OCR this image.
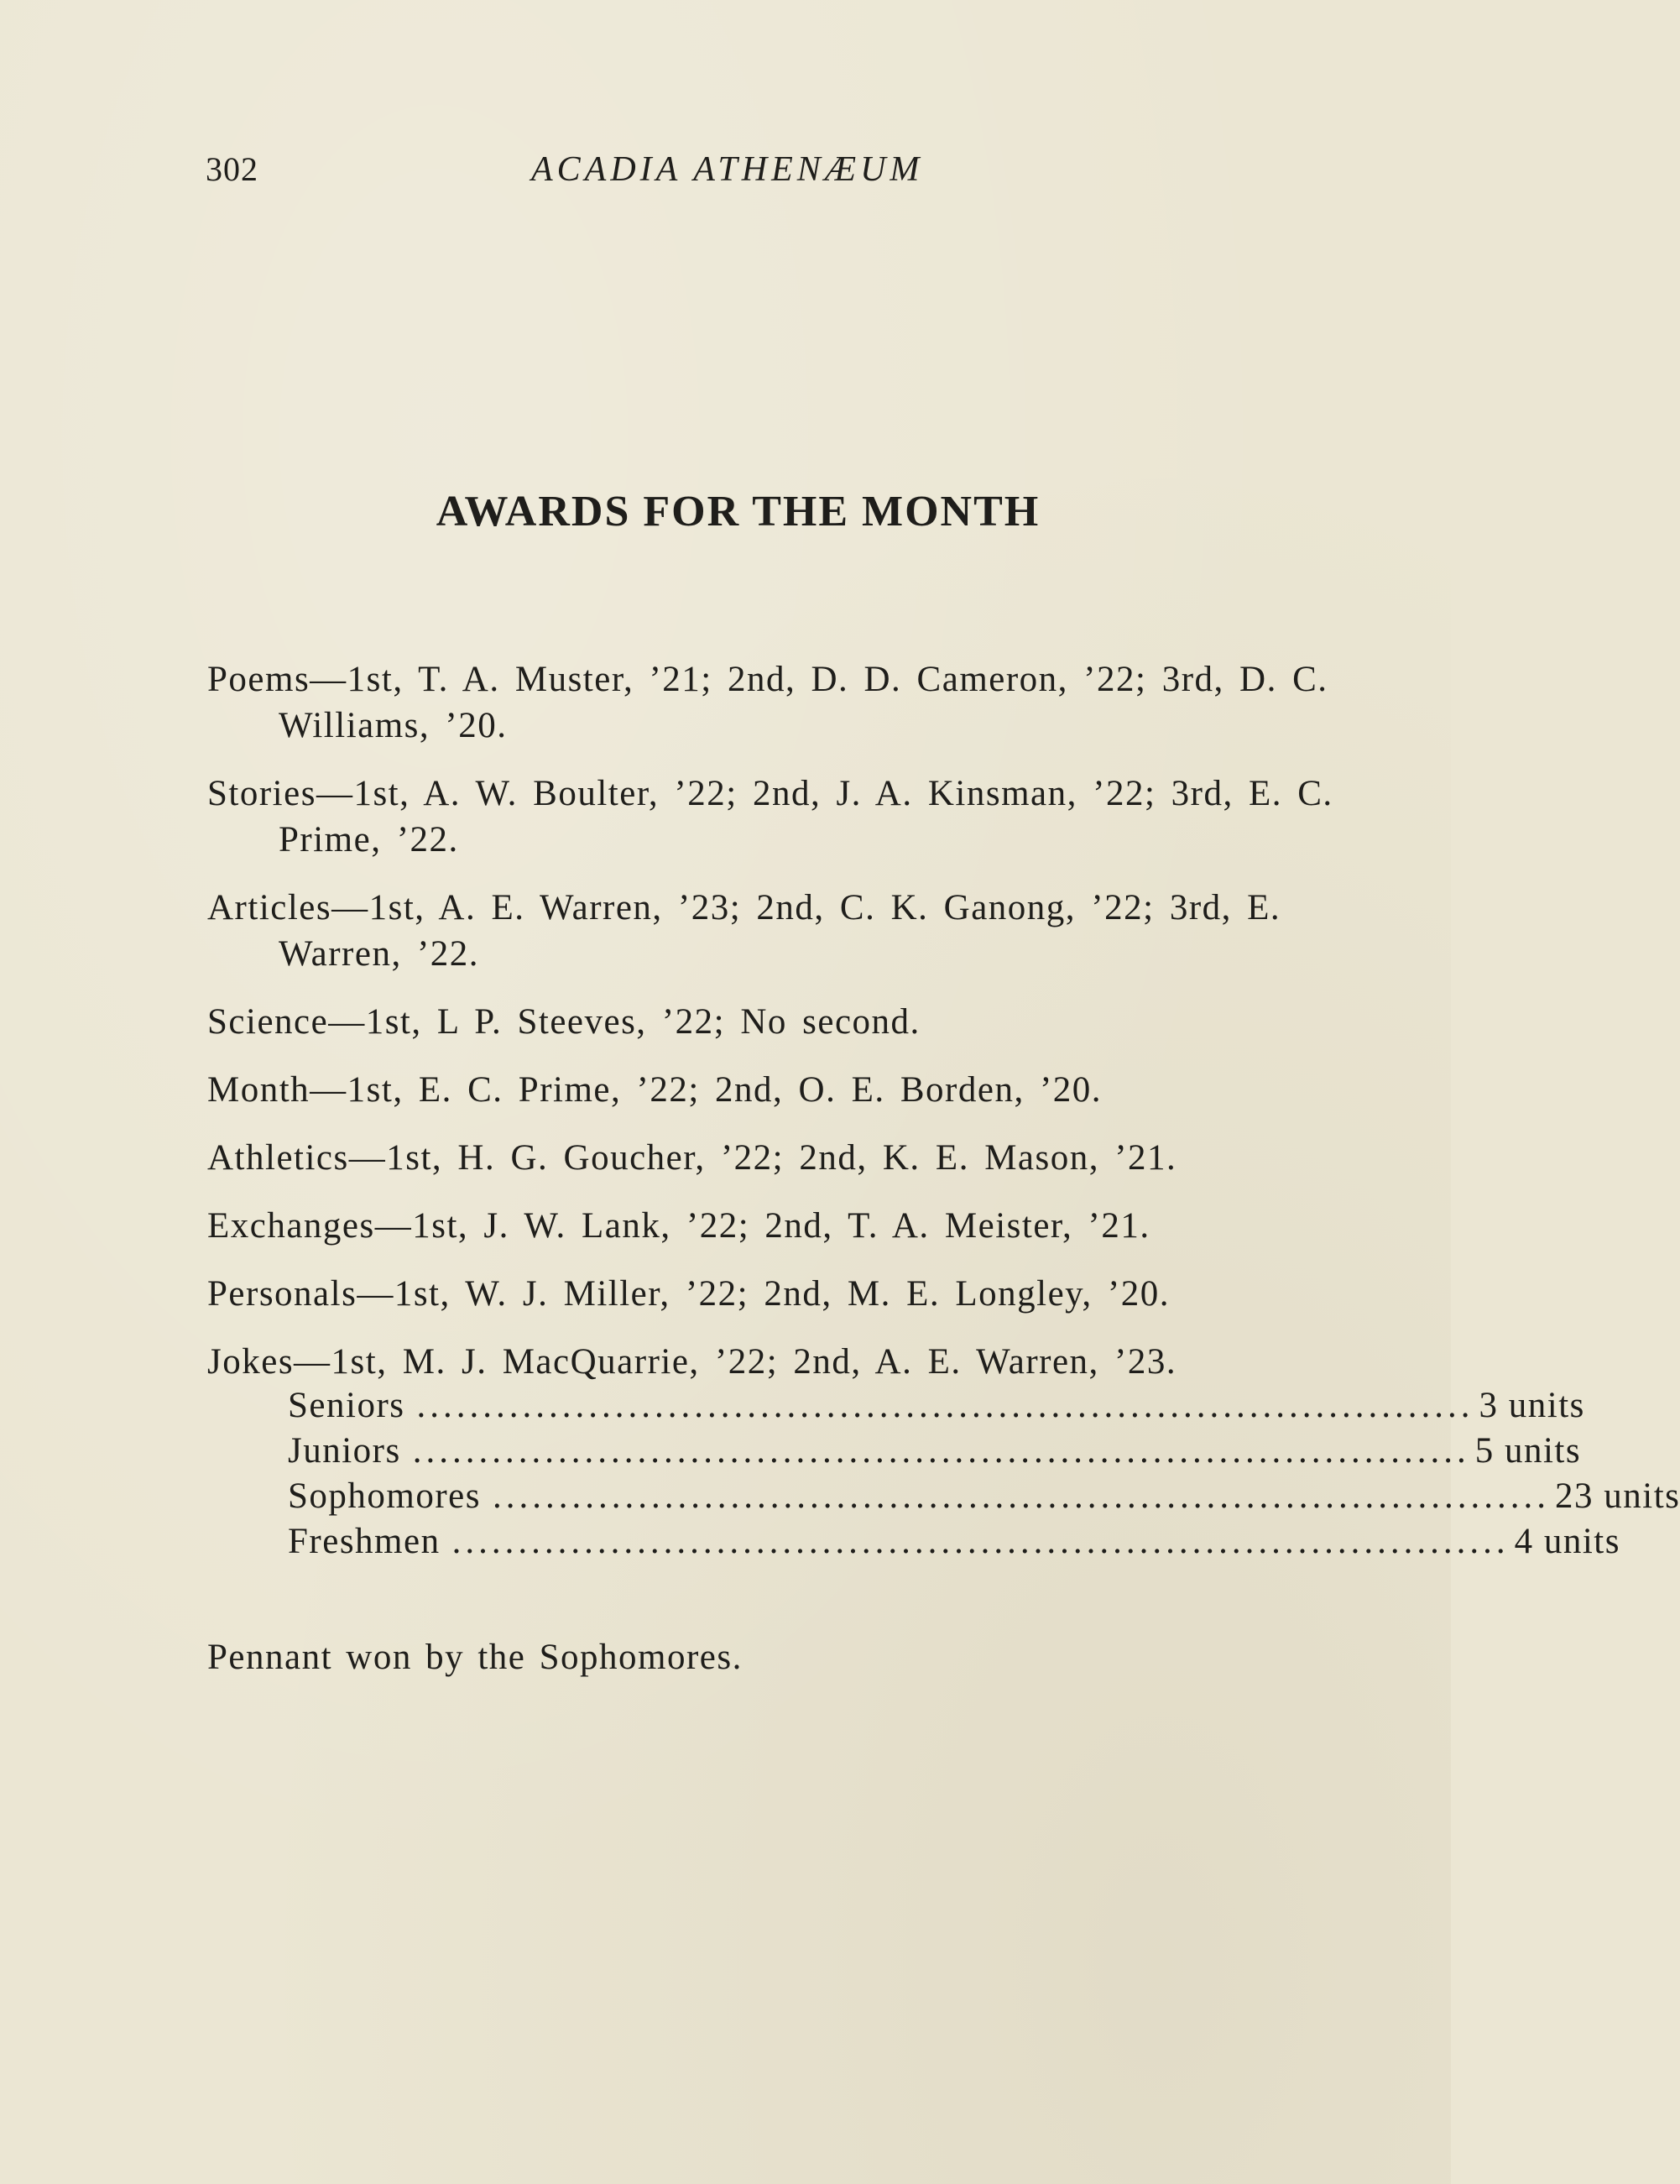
302	ACADIA ATHENÆUM
AWARDS FOR THE MONTH

Poems—1st, T. A. Muster, ’21; 2nd, D. D. Cameron, ’22; 3rd, D. C. Williams, ’20.

Stories—1st, A. W. Boulter, ’22; 2nd, J. A. Kinsman, ’22; 3rd, E. C. Prime, ’22.

Articles—1st, A. E. Warren, ’23; 2nd, C. K. Ganong, ’22; 3rd, E. Warren, ’22.

Science—1st, L P. Steeves, ’22; No second.

Month—1st, E. C. Prime, ’22; 2nd, O. E. Borden, ’20.

Athletics—1st, H. G. Goucher, ’22; 2nd, K. E. Mason, ’21.

Exchanges—1st, J. W. Lank, ’22; 2nd, T. A. Meister, ’21.

Personals—1st, W. J. Miller, ’22; 2nd, M. E. Longley, ’20.

Jokes—1st, M. J. MacQuarrie, ’22; 2nd, A. E. Warren, ’23.

Seniors ................................................................................ 3 units
Juniors ................................................................................ 5 units
Sophomores ................................................................................ 23 units
Freshmen ................................................................................ 4 units
Pennant won by the Sophomores.
